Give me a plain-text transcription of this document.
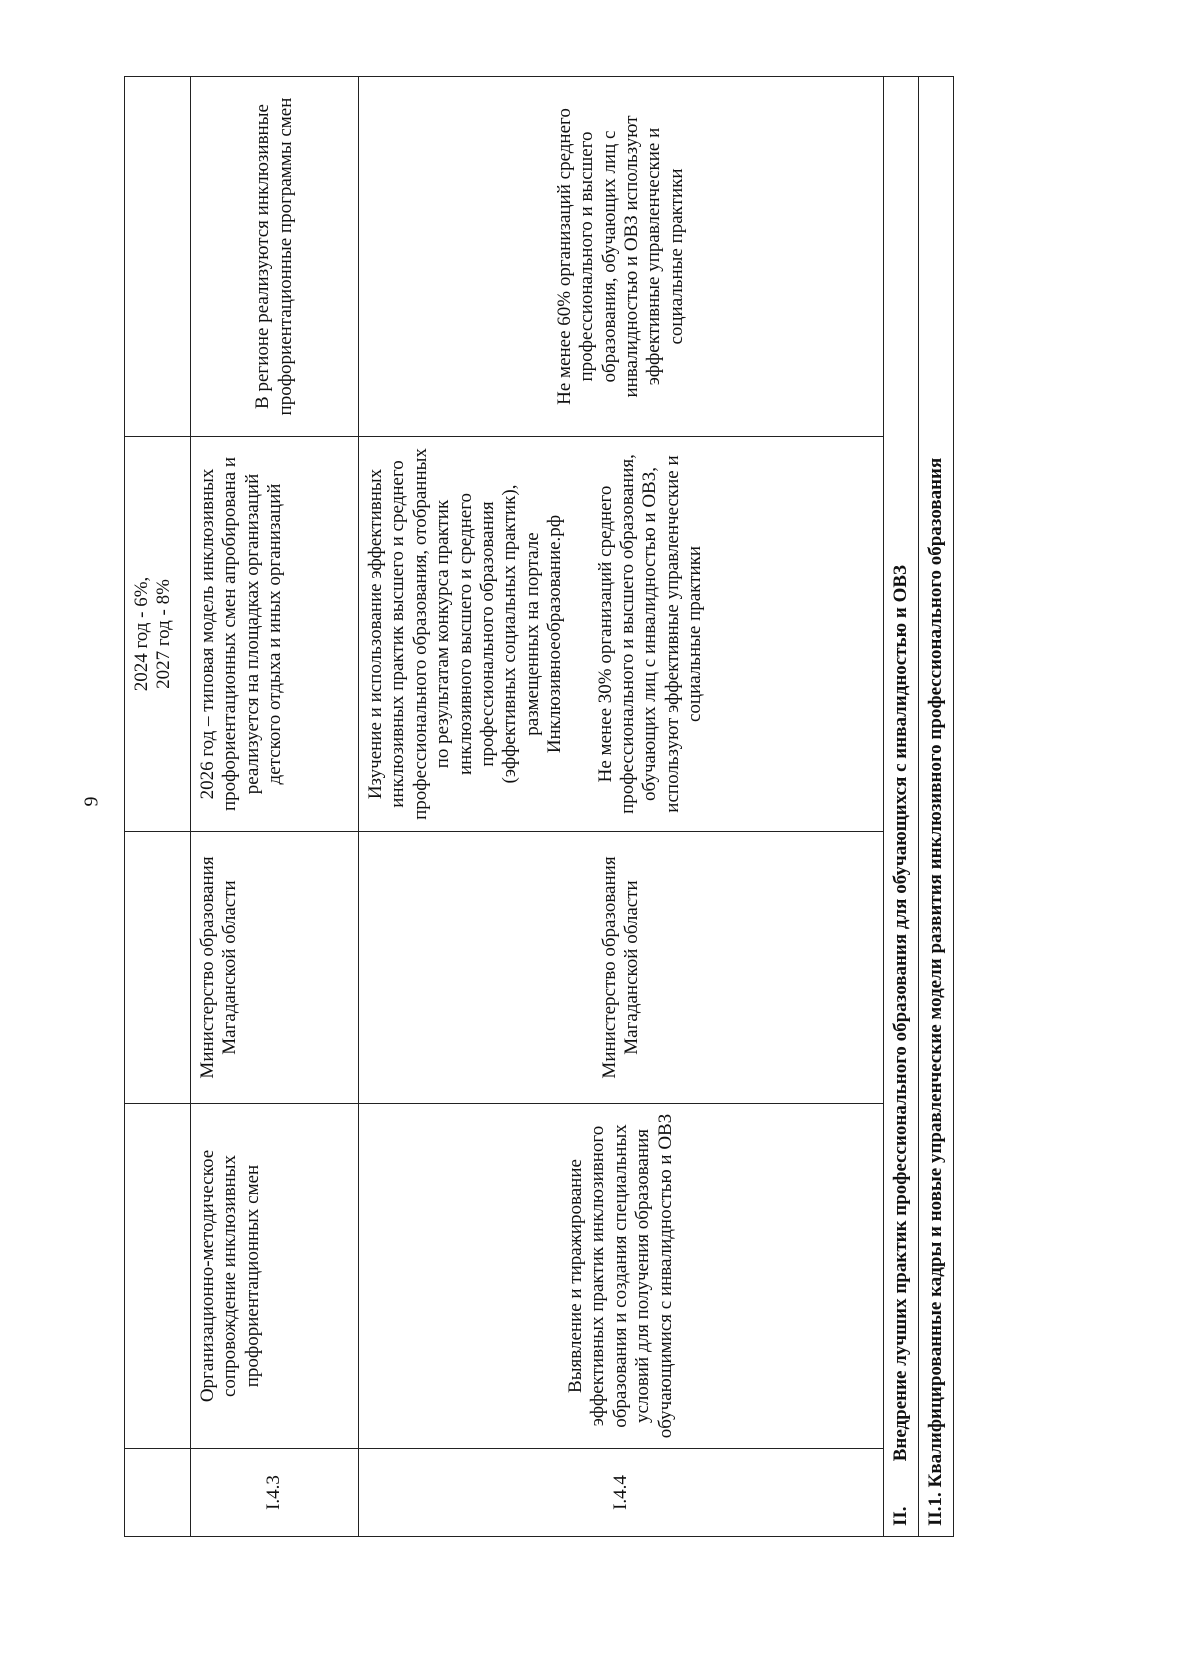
9
			2024 год - 6%,
2027 год - 8%	
I.4.3	Организационно-методическое сопровождение инклюзивных профориентационных смен	Министерство образования Магаданской области	2026 год – типовая модель инклюзивных профориентационных смен апробирована и реализуется на площадках организаций детского отдыха и иных организаций	В регионе реализуются инклюзивные профориентационные программы смен
I.4.4	Выявление и тиражирование эффективных практик инклюзивного образования и создания специальных условий для получения образования обучающимися с инвалидностью и ОВЗ	Министерство образования Магаданской области	Изучение и использование эффективных инклюзивных практик высшего и среднего профессионального образования, отобранных по результатам конкурса практик инклюзивного высшего и среднего профессионального образования (эффективных социальных практик), размещенных на портале Инклюзивноеобразование.рф Не менее 30% организаций среднего профессионального и высшего образования, обучающих лиц с инвалидностью и ОВЗ, используют эффективные управленческие и социальные практики	Не менее 60% организаций среднего профессионального и высшего образования, обучающих лиц с инвалидностью и ОВЗ используют эффективные управленческие и социальные практики
II. Внедрение лучших практик профессионального образования для обучающихся с инвалидностью и ОВЗ				
II.1. Квалифицированные кадры и новые управленческие модели развития инклюзивного профессионального образования				
